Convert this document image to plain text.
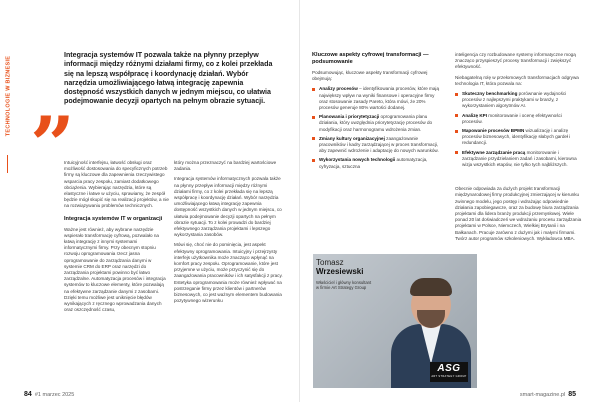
TECHNOLOGIE W BIZNESIE
Integracja systemów IT pozwala także na płynny przepływ informacji między różnymi działami firmy, co z kolei przekłada się na lepszą współpracę i koordynację działań. Wybór narzędzia umożliwiającego łatwą integrację zapewnia dostępność wszystkich danych w jednym miejscu, co ułatwia podejmowanie decyzji opartych na pełnym obrazie sytuacji.
”

Intuicyjność interfejsu, łatwość obsługi oraz możliwość dostosowania do specyficznych potrzeb firmy są kluczowe dla zapewnienia rzeczywistego wsparcia pracy zespołu, zamiast dodatkowego obciążenia. Wybierając narzędzia, które są elastyczne i łatwe w użyciu, sprawiamy, że zespół będzie mógł skupić się na realizacji projektów, a nie na rozwiązywaniu problemów technicznych.

Integracja systemów IT w organizacji

Ważne jest również, aby wybrane narzędzie wspierało transformację cyfrową, pozwalało na łatwą integrację z innymi systemami informatycznymi firmy. Przy obecnym stopniu rozwoju oprogramowania rzecz jasna oprogramowanie do zarządzania danymi w systemie CRM do ERP oraz narzędzi do zarządzania projektami powinno być łatwo zarządzalne. Automatyzacja procesów i integracja systemów to kluczowe elementy, które pozwalają na efektywne zarządzanie danymi z zasobami. Dzięki temu możliwe jest uniknięcie błędów wynikających z ręcznego wprowadzania danych oraz oszczędność czasu,

który można przeznaczyć na bardziej wartościowe zadania.

Integracja systemów informatycznych pozwala także na płynny przepływ informacji między różnymi działami firmy, co z kolei przekłada się na lepszą współpracę i koordynację działań. Wybór narzędzia umożliwiającego łatwą integrację zapewnia dostępność wszystkich danych w jednym miejscu, co ułatwia podejmowanie decyzji opartych na pełnym obrazie sytuacji. To z kolei prowadzi do bardziej efektywnego zarządzania projektami i lepszego wykorzystania zasobów.

Mówi się, choć nie do pominięcia, jest aspekt efektywny oprogramowania. Intuicyjny i przejrzysty interfejs użytkownika może znacząco wpłynąć na komfort pracy zespołu. Oprogramowanie, które jest przyjemne w użyciu, może przyczynić się do zaangażowania pracowników i ich satysfakcji z pracy. Estetyka oprogramowania może również wpływać na postrzeganie firmy przez klientów i partnerów biznesowych, co jest ważnym elementem budowania pozytywnego wizerunku

84 #1 marzec 2025
Kluczowe aspekty cyfrowej transformacji — podsumowanie

Podsumowując, kluczowe aspekty transformacji cyfrowej obejmują:

Analizy procesów – identyfikowania procesów, które mają największy wpływ na wyniki finansowe i operacyjne firmy oraz stosowanie zasady Pareto, która mówi, że 20% procesów generuje 80% wartości dodanej.
Planowania i priorytetyzacji oprogramowania planu działania, który uwzględnia priorytetyzację procesów do modyfikacji oraz harmonogramu wdrożenia zmian.
Zmiany kultury organizacyjnej zaangażowanie pracowników i kadry zarządzającej w proces transformacji, aby zapewnić wdrożenie i adaptację do nowych warunków.
Wykorzystania nowych technologii automatyzacja, cyfryzacja, sztuczna

inteligencja czy rozbudowane systemy informatyczne mogą znacząco przyspieszyć procesy transformacji i zwiększyć efektywność.

Niebagatelną rolę w przełomowych transformacjach odgrywa technologia IT, która pozwala na:

Skuteczny benchmarking porównanie wydajności procesów z najlepszymi praktykami w branży, z wykorzystaniem algorytmów AI.
Analizę KPI monitorowanie i ocenę efektywności procesów.
Mapowanie procesów BPMN wizualizację i analizę procesów biznesowych, identyfikację słabych gardeł i redundancji.
Efektywne zarządzanie pracą monitorowanie i zarządzanie przydzielaniem zadań i zasobami, kierowna wizja wszystkich etapów, nie tylko tych najbliższych.

Obecnie odpowiada za dużych projekt transformacji międzynarodowej firmy produkcyjnej zmierzającej w kierunku zwinnego modelu, jego postęp i wdrażając odpowiednie działania zapobiegawcze, oraz za budowę biura zarządzania projektami dla lidera branży produkcji przemysłowej. Wiele ponad 20 lat doświadczeń we wdrażaniu procesu zarządzania projektami w Polsce, Niemczech, Wielkiej Brytanii i na Bałkanach. Pracuje zarówno z dużymi jak i małymi firmami. Twórz autor programów szkoleniowych. Wykładowca MBA.

smart-magazine.pl 85
Tomasz
Wrzesiewski
Właściciel i główny konsultant w firmie Art Strategy Group
ASG
ART STRATEGY GROUP
